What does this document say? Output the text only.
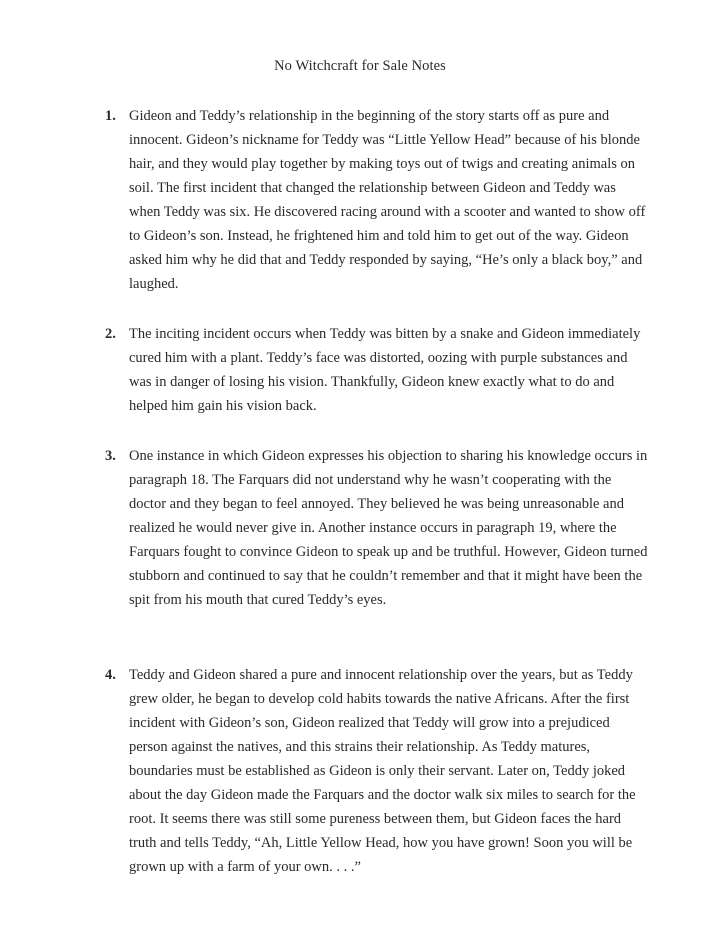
No Witchcraft for Sale Notes
1. Gideon and Teddy’s relationship in the beginning of the story starts off as pure and
innocent. Gideon’s nickname for Teddy was “Little Yellow Head” because of his blonde
hair, and they would play together by making toys out of twigs and creating animals on
soil. The first incident that changed the relationship between Gideon and Teddy was
when Teddy was six. He discovered racing around with a scooter and wanted to show off
to Gideon’s son. Instead, he frightened him and told him to get out of the way. Gideon
asked him why he did that and Teddy responded by saying, “He’s only a black boy,” and
laughed.
2. The inciting incident occurs when Teddy was bitten by a snake and Gideon immediately
cured him with a plant. Teddy’s face was distorted, oozing with purple substances and
was in danger of losing his vision. Thankfully, Gideon knew exactly what to do and
helped him gain his vision back.
3. One instance in which Gideon expresses his objection to sharing his knowledge occurs in
paragraph 18. The Farquars did not understand why he wasn’t cooperating with the
doctor and they began to feel annoyed. They believed he was being unreasonable and
realized he would never give in. Another instance occurs in paragraph 19, where the
Farquars fought to convince Gideon to speak up and be truthful. However, Gideon turned
stubborn and continued to say that he couldn’t remember and that it might have been the
spit from his mouth that cured Teddy’s eyes.
4. Teddy and Gideon shared a pure and innocent relationship over the years, but as Teddy
grew older, he began to develop cold habits towards the native Africans. After the first
incident with Gideon’s son, Gideon realized that Teddy will grow into a prejudiced
person against the natives, and this strains their relationship. As Teddy matures,
boundaries must be established as Gideon is only their servant. Later on, Teddy joked
about the day Gideon made the Farquars and the doctor walk six miles to search for the
root. It seems there was still some pureness between them, but Gideon faces the hard
truth and tells Teddy, “Ah, Little Yellow Head, how you have grown! Soon you will be
grown up with a farm of your own. . . .”
